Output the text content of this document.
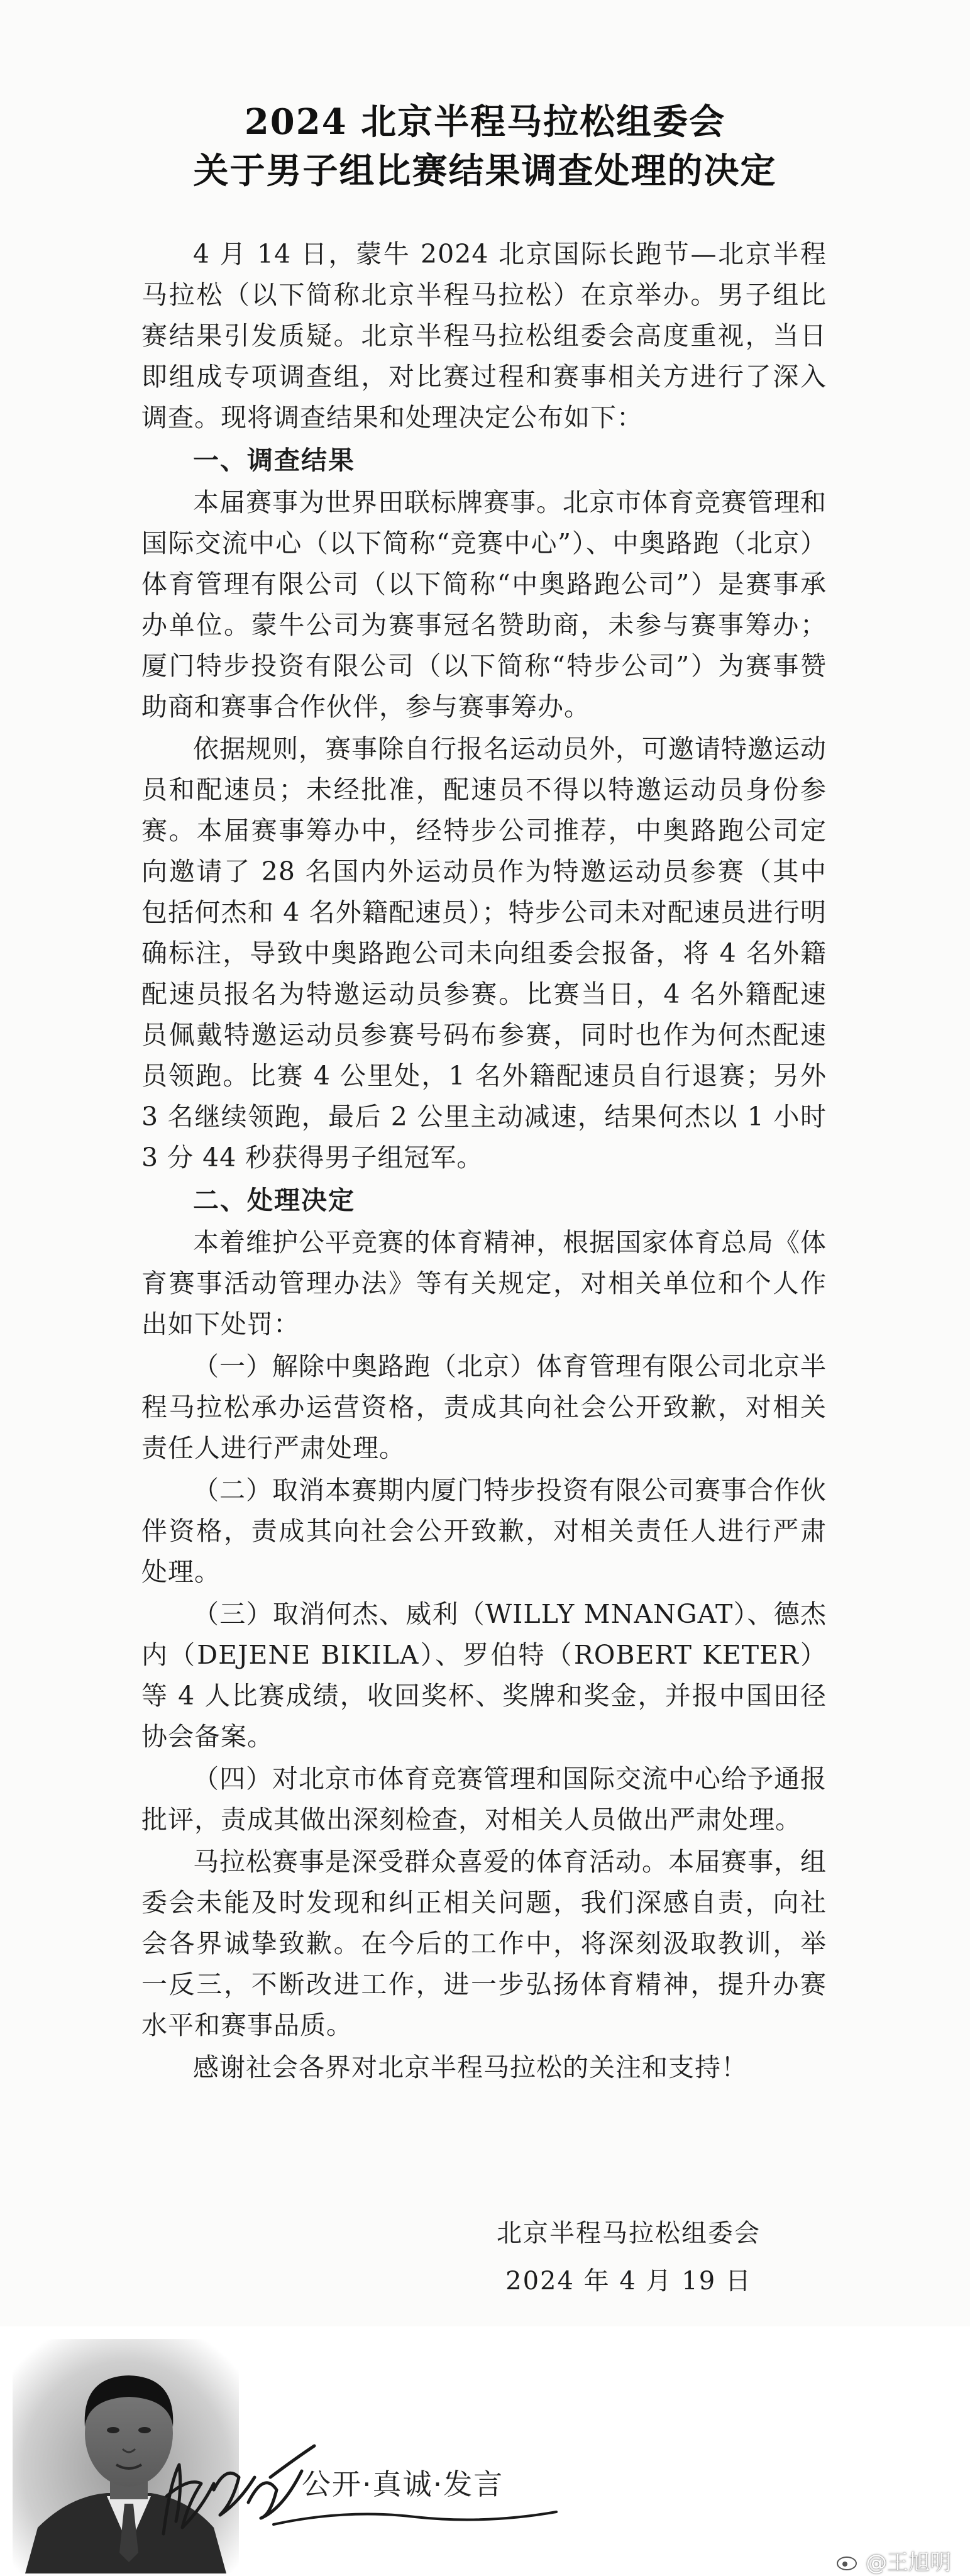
2024 北京半程马拉松组委会
关于男子组比赛结果调查处理的决定

4 月 14 日，蒙牛 2024 北京国际长跑节—北京半程马拉松（以下简称北京半程马拉松）在京举办。男子组比赛结果引发质疑。北京半程马拉松组委会高度重视，当日即组成专项调查组，对比赛过程和赛事相关方进行了深入调查。现将调查结果和处理决定公布如下：

一、调查结果

本届赛事为世界田联标牌赛事。北京市体育竞赛管理和国际交流中心（以下简称“竞赛中心”）、中奥路跑（北京）体育管理有限公司（以下简称“中奥路跑公司”）是赛事承办单位。蒙牛公司为赛事冠名赞助商，未参与赛事筹办；厦门特步投资有限公司（以下简称“特步公司”）为赛事赞助商和赛事合作伙伴，参与赛事筹办。

依据规则，赛事除自行报名运动员外，可邀请特邀运动员和配速员；未经批准，配速员不得以特邀运动员身份参赛。本届赛事筹办中，经特步公司推荐，中奥路跑公司定向邀请了 28 名国内外运动员作为特邀运动员参赛（其中包括何杰和 4 名外籍配速员）；特步公司未对配速员进行明确标注，导致中奥路跑公司未向组委会报备，将 4 名外籍配速员报名为特邀运动员参赛。比赛当日，4 名外籍配速员佩戴特邀运动员参赛号码布参赛，同时也作为何杰配速员领跑。比赛 4 公里处，1 名外籍配速员自行退赛；另外 3 名继续领跑，最后 2 公里主动减速，结果何杰以 1 小时 3 分 44 秒获得男子组冠军。

二、处理决定

本着维护公平竞赛的体育精神，根据国家体育总局《体育赛事活动管理办法》等有关规定，对相关单位和个人作出如下处罚：

（一）解除中奥路跑（北京）体育管理有限公司北京半程马拉松承办运营资格，责成其向社会公开致歉，对相关责任人进行严肃处理。

（二）取消本赛期内厦门特步投资有限公司赛事合作伙伴资格，责成其向社会公开致歉，对相关责任人进行严肃处理。

（三）取消何杰、威利（WILLY MNANGAT）、德杰内（DEJENE BIKILA）、罗伯特（ROBERT KETER）等 4 人比赛成绩，收回奖杯、奖牌和奖金，并报中国田径协会备案。

（四）对北京市体育竞赛管理和国际交流中心给予通报批评，责成其做出深刻检查，对相关人员做出严肃处理。

马拉松赛事是深受群众喜爱的体育活动。本届赛事，组委会未能及时发现和纠正相关问题，我们深感自责，向社会各界诚挚致歉。在今后的工作中，将深刻汲取教训，举一反三，不断改进工作，进一步弘扬体育精神，提升办赛水平和赛事品质。

感谢社会各界对北京半程马拉松的关注和支持！

北京半程马拉松组委会
2024 年 4 月 19 日
公开·真诚·发言
@王旭明
